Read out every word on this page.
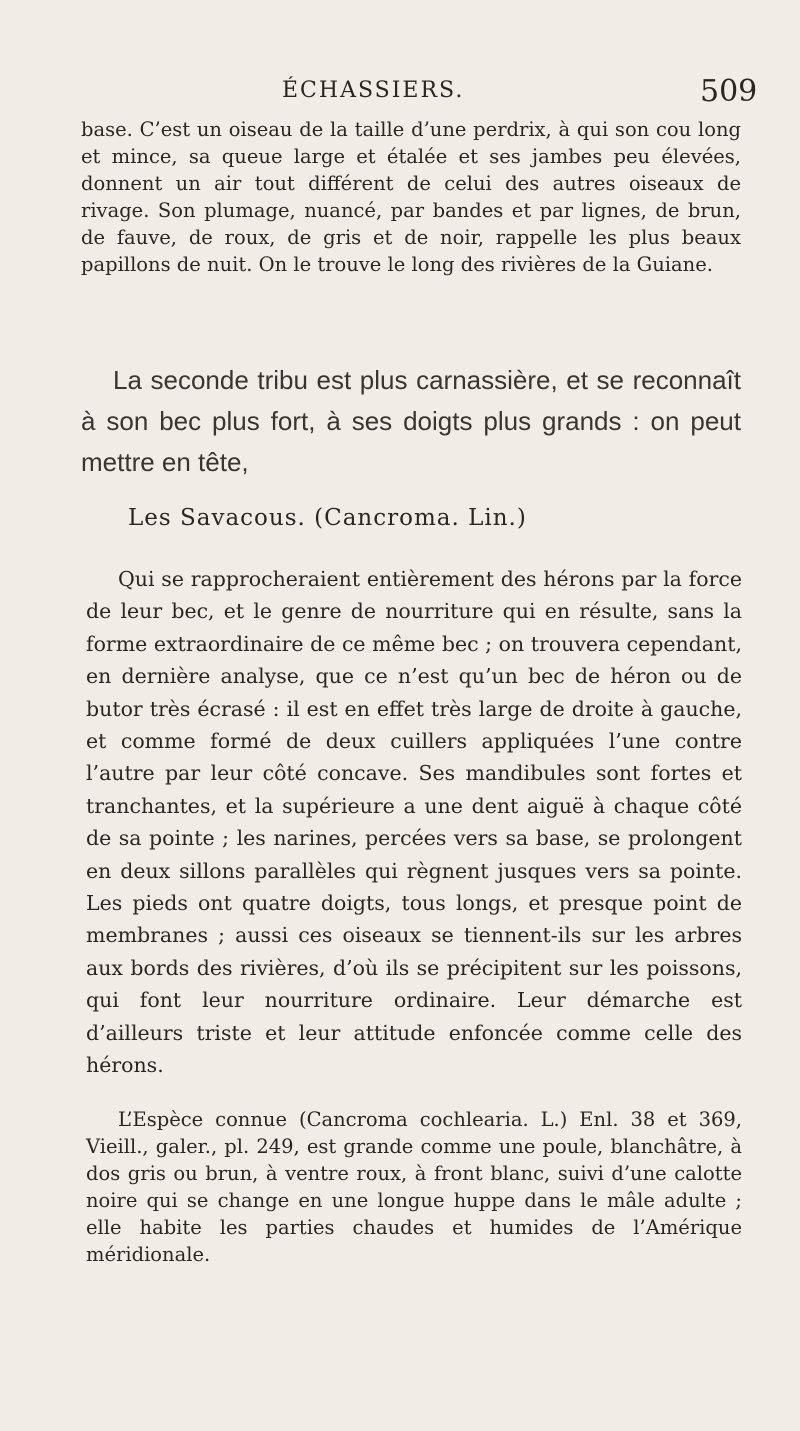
ÉCHASSIERS.	509

base. C’est un oiseau de la taille d’une perdrix, à qui son cou long et mince, sa queue large et étalée et ses jambes peu élevées, donnent un air tout différent de celui des autres oiseaux de rivage. Son plumage, nuancé, par bandes et par lignes, de brun, de fauve, de roux, de gris et de noir, rappelle les plus beaux papillons de nuit. On le trouve le long des rivières de la Guiane.

La seconde tribu est plus carnassière, et se reconnaît à son bec plus fort, à ses doigts plus grands : on peut mettre en tête,

Les Savacous. (Cancroma. Lin.)

Qui se rapprocheraient entièrement des hérons par la force de leur bec, et le genre de nourriture qui en résulte, sans la forme extraordinaire de ce même bec ; on trouvera cependant, en dernière analyse, que ce n’est qu’un bec de héron ou de butor très écrasé : il est en effet très large de droite à gauche, et comme formé de deux cuillers appliquées l’une contre l’autre par leur côté concave. Ses mandibules sont fortes et tranchantes, et la supérieure a une dent aiguë à chaque côté de sa pointe ; les narines, percées vers sa base, se prolongent en deux sillons parallèles qui règnent jusques vers sa pointe. Les pieds ont quatre doigts, tous longs, et presque point de membranes ; aussi ces oiseaux se tiennent-ils sur les arbres aux bords des rivières, d’où ils se précipitent sur les poissons, qui font leur nourriture ordinaire. Leur démarche est d’ailleurs triste et leur attitude enfoncée comme celle des hérons.

L’Espèce connue (Cancroma cochlearia. L.) Enl. 38 et 369, Vieill., galer., pl. 249, est grande comme une poule, blanchâtre, à dos gris ou brun, à ventre roux, à front blanc, suivi d’une calotte noire qui se change en une longue huppe dans le mâle adulte ; elle habite les parties chaudes et humides de l’Amérique méridionale.
